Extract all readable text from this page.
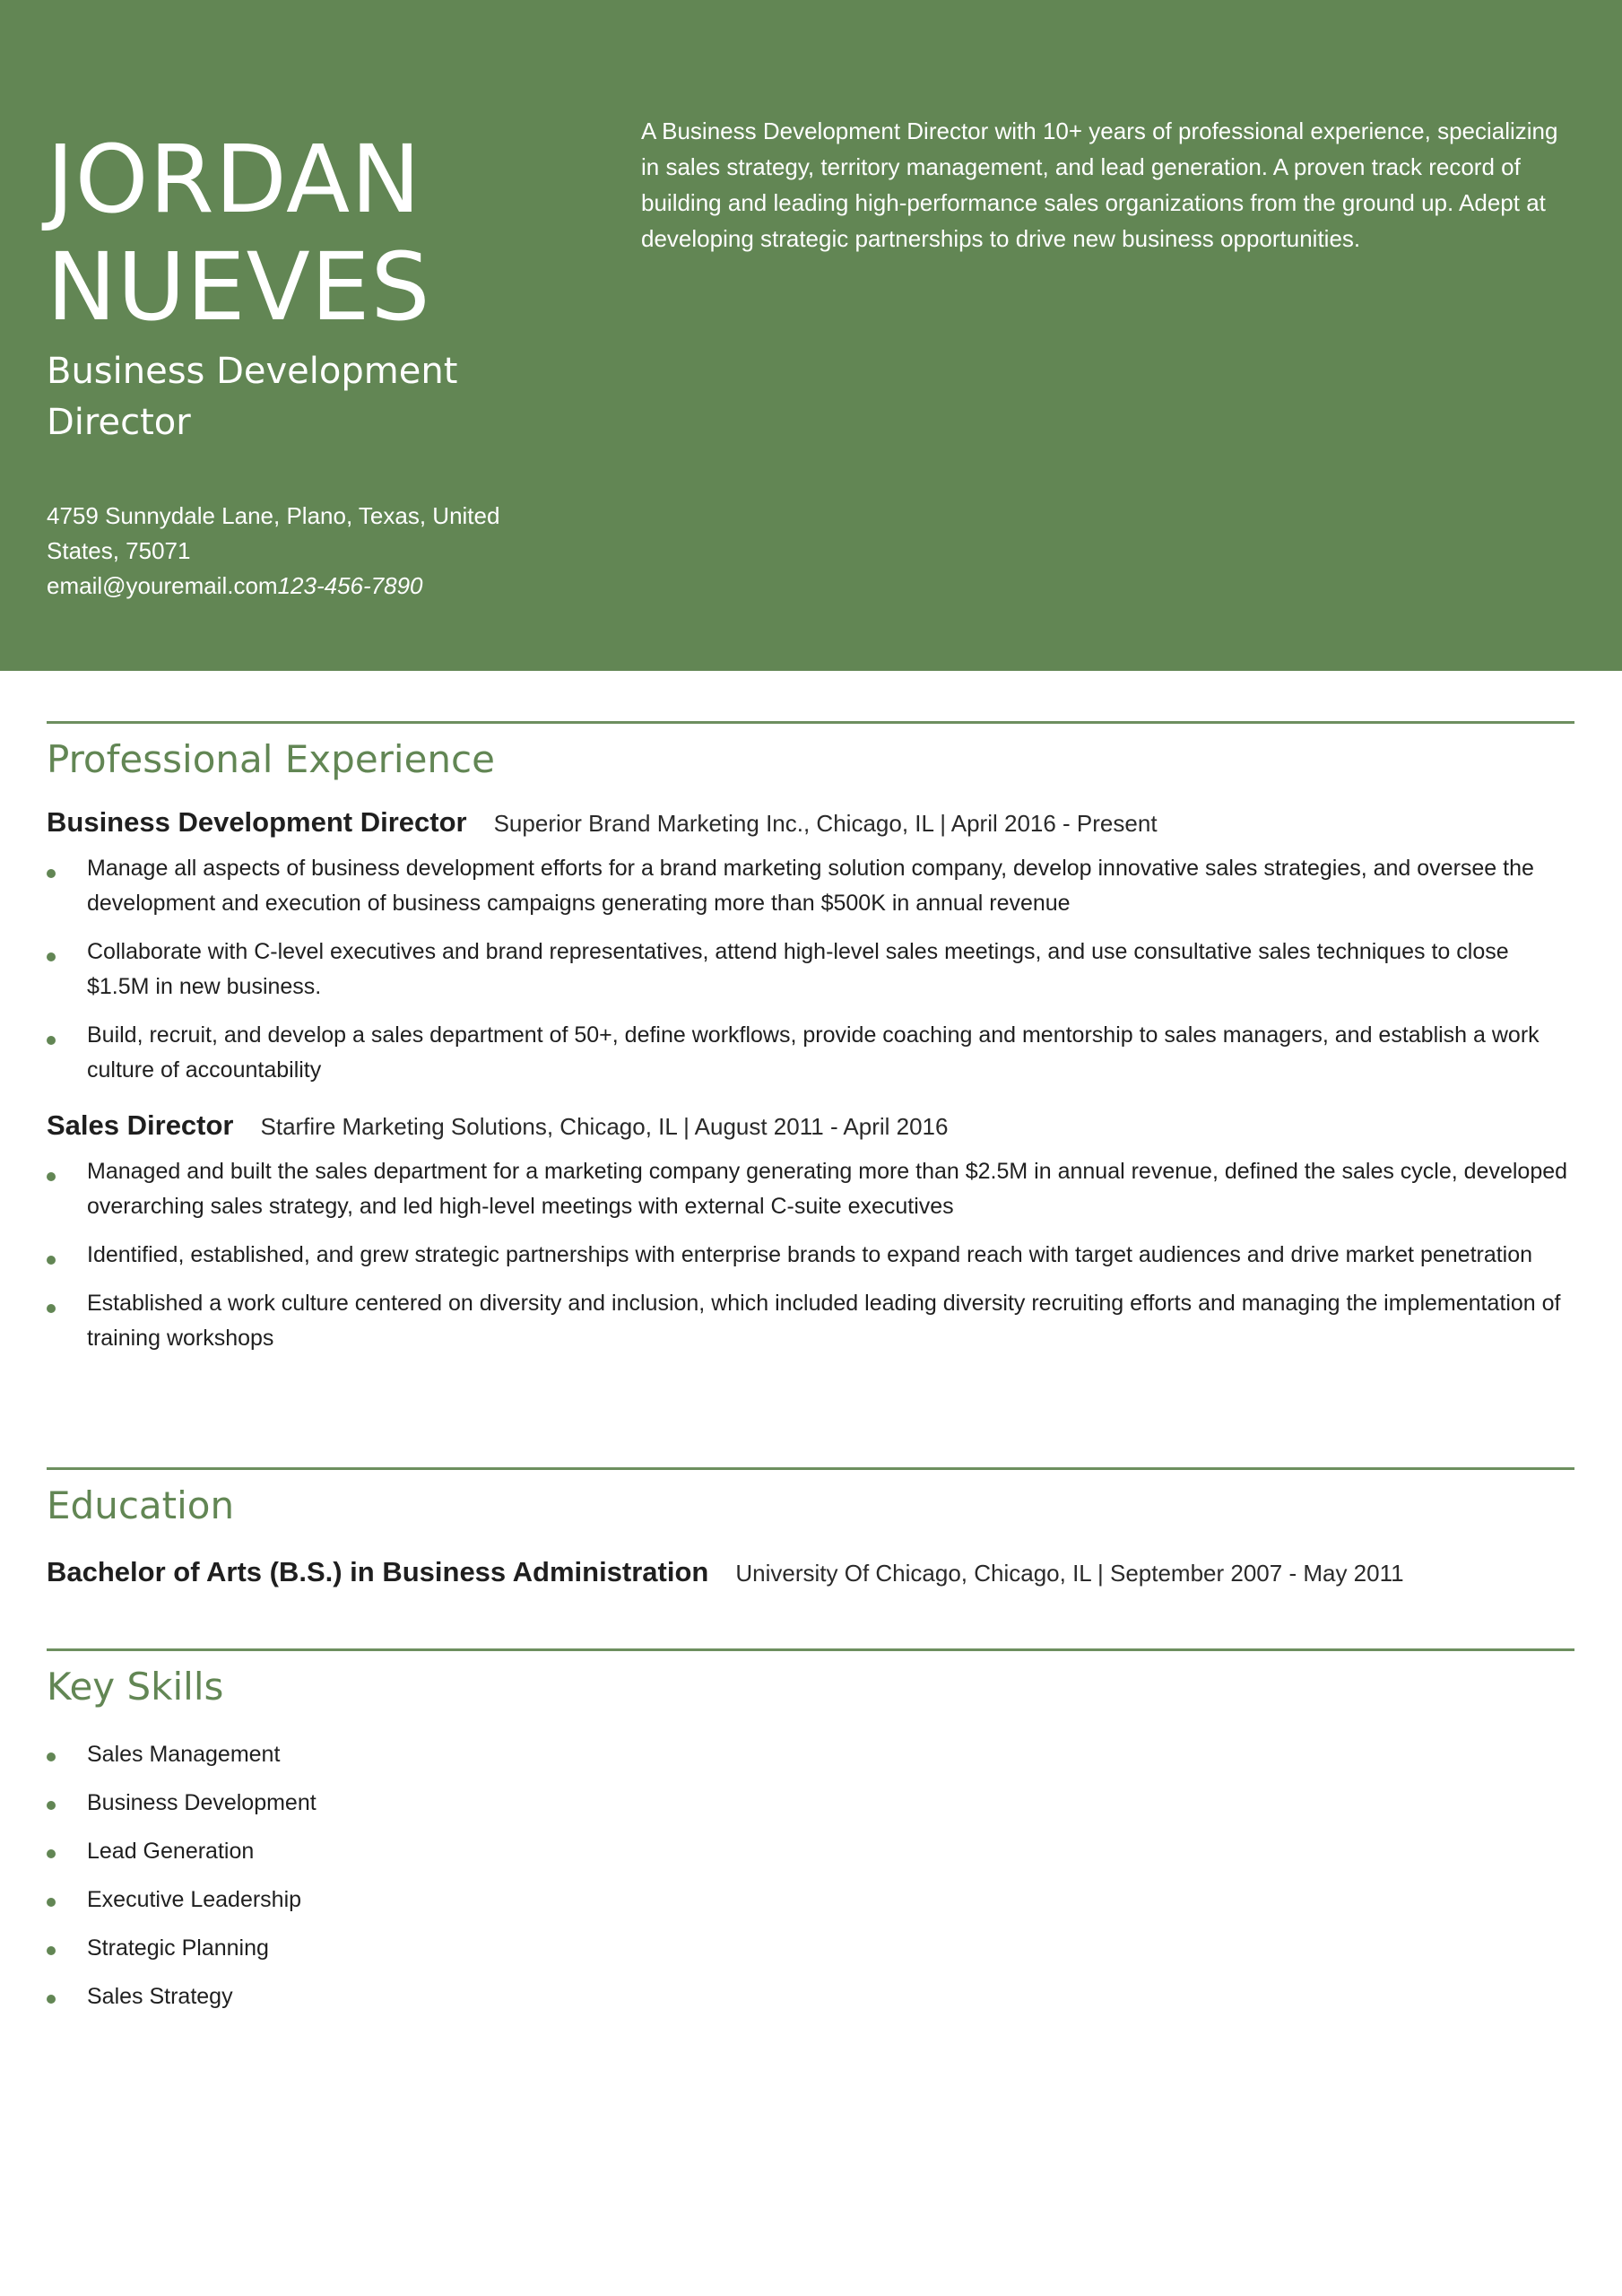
JORDAN
NUEVES
Business Development Director
4759 Sunnydale Lane, Plano, Texas, United States, 75071
email@youremail.com123-456-7890

A Business Development Director with 10+ years of professional experience, specializing in sales strategy, territory management, and lead generation. A proven track record of building and leading high-performance sales organizations from the ground up. Adept at developing strategic partnerships to drive new business opportunities.

Professional Experience
Business Development Director Superior Brand Marketing Inc., Chicago, IL | April 2016 - Present
Manage all aspects of business development efforts for a brand marketing solution company, develop innovative sales strategies, and oversee the development and execution of business campaigns generating more than $500K in annual revenue
Collaborate with C-level executives and brand representatives, attend high-level sales meetings, and use consultative sales techniques to close $1.5M in new business.
Build, recruit, and develop a sales department of 50+, define workflows, provide coaching and mentorship to sales managers, and establish a work culture of accountability
Sales Director Starfire Marketing Solutions, Chicago, IL | August 2011 - April 2016
Managed and built the sales department for a marketing company generating more than $2.5M in annual revenue, defined the sales cycle, developed overarching sales strategy, and led high-level meetings with external C-suite executives
Identified, established, and grew strategic partnerships with enterprise brands to expand reach with target audiences and drive market penetration
Established a work culture centered on diversity and inclusion, which included leading diversity recruiting efforts and managing the implementation of training workshops
Education
Bachelor of Arts (B.S.) in Business Administration University Of Chicago, Chicago, IL | September 2007 - May 2011
Key Skills
Sales Management
Business Development
Lead Generation
Executive Leadership
Strategic Planning
Sales Strategy
